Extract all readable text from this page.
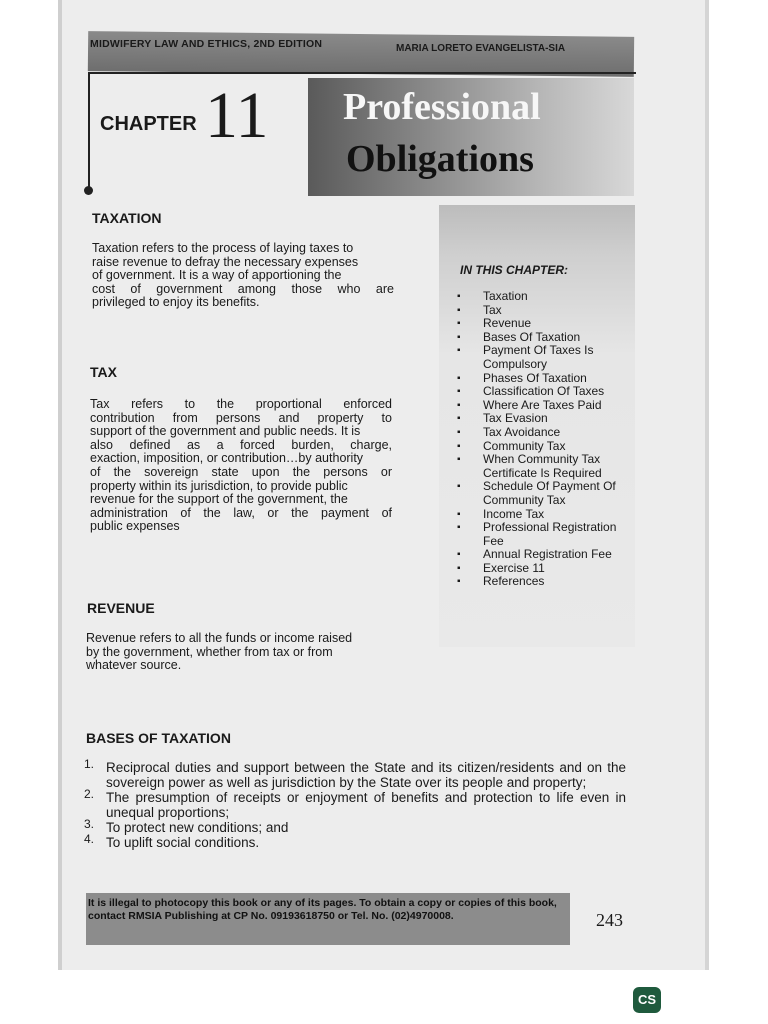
MIDWIFERY LAW AND ETHICS, 2ND EDITION	MARIA LORETO EVANGELISTA-SIA
CHAPTER 11 Professional
Obligations
TAXATION
Taxation refers to the process of laying taxes to
raise revenue to defray the necessary expenses
of government. It is a way of apportioning the
cost of government among those who are
privileged to enjoy its benefits.
TAX
Tax refers to the proportional enforced
contribution from persons and property to
support of the government and public needs. It is
also defined as a forced burden, charge,
exaction, imposition, or contribution…by authority
of the sovereign state upon the persons or
property within its jurisdiction, to provide public
revenue for the support of the government, the
administration of the law, or the payment of
public expenses
REVENUE
Revenue refers to all the funds or income raised
by the government, whether from tax or from
whatever source.
IN THIS CHAPTER:
▪ Taxation
▪ Tax
▪ Revenue
▪ Bases Of Taxation
▪ Payment Of Taxes Is Compulsory
▪ Phases Of Taxation
▪ Classification Of Taxes
▪ Where Are Taxes Paid
▪ Tax Evasion
▪ Tax Avoidance
▪ Community Tax
▪ When Community Tax Certificate Is Required
▪ Schedule Of Payment Of Community Tax
▪ Income Tax
▪ Professional Registration Fee
▪ Annual Registration Fee
▪ Exercise 11
▪ References
BASES OF TAXATION
1. Reciprocal duties and support between the State and its citizen/residents and on the sovereign power as well as jurisdiction by the State over its people and property;
2. The presumption of receipts or enjoyment of benefits and protection to life even in unequal proportions;
3. To protect new conditions; and
4. To uplift social conditions.
It is illegal to photocopy this book or any of its pages. To obtain a copy or copies of this book, contact RMSIA Publishing at CP No. 09193618750 or Tel. No. (02)4970008.	243
CS
